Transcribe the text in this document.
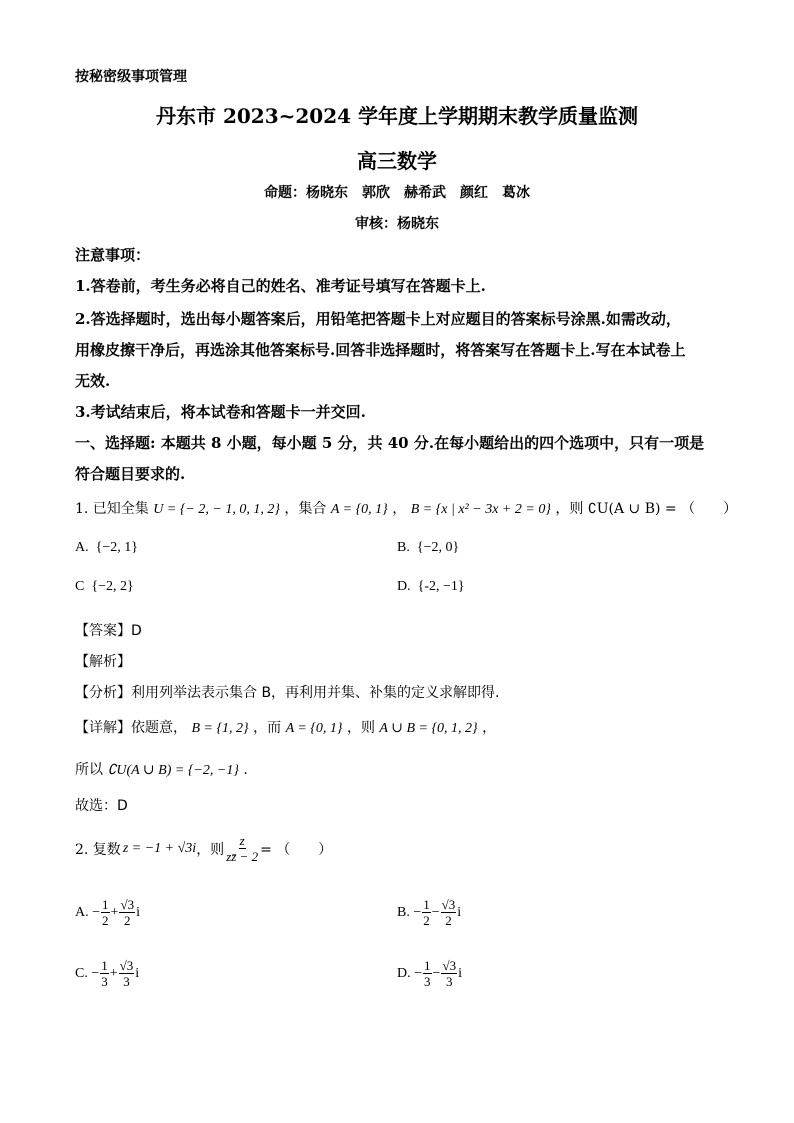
按秘密级事项管理
丹东市 2023~2024 学年度上学期期末教学质量监测
高三数学
命题：杨晓东　郭欣　赫希武　颜红　葛冰
审核：杨晓东
注意事项：
1.答卷前，考生务必将自己的姓名、准考证号填写在答题卡上.
2.答选择题时，选出每小题答案后，用铅笔把答题卡上对应题目的答案标号涂黑.如需改动，
用橡皮擦干净后，再选涂其他答案标号.回答非选择题时，将答案写在答题卡上.写在本试卷上
无效.
3.考试结束后，将本试卷和答题卡一并交回.
一、选择题: 本题共 8 小题，每小题 5 分，共 40 分.在每小题给出的四个选项中，只有一项是
符合题目要求的.
1. 已知全集 U = {− 2, − 1, 0, 1, 2} ，集合 A = {0, 1} ， B = {x | x² − 3x + 2 = 0} ，则 ∁U(A ∪ B) = （　　）
A. {−2, 1}	B. {−2, 0}
C {−2, 2}	D. {-2, −1}
【答案】D
【解析】
【分析】利用列举法表示集合 B，再利用并集、补集的定义求解即得.
【详解】依题意， B = {1, 2} ，而 A = {0, 1} ，则 A ∪ B = {0, 1, 2} ，
所以 ∁U(A ∪ B) = {−2, −1} .
故选：D
2. 复数 z = −1 + √3i ，则 $\frac{z}{zz̄ - 2}$ = （　　）
A.
− $\frac{1}{2} + \frac{√3}{2}$ i	B.
− $\frac{1}{2} - \frac{√3}{2}$ i
C.
− $\frac{1}{3} + \frac{√3}{3}$ i	D.
− $\frac{1}{3} - \frac{√3}{3}$ i
